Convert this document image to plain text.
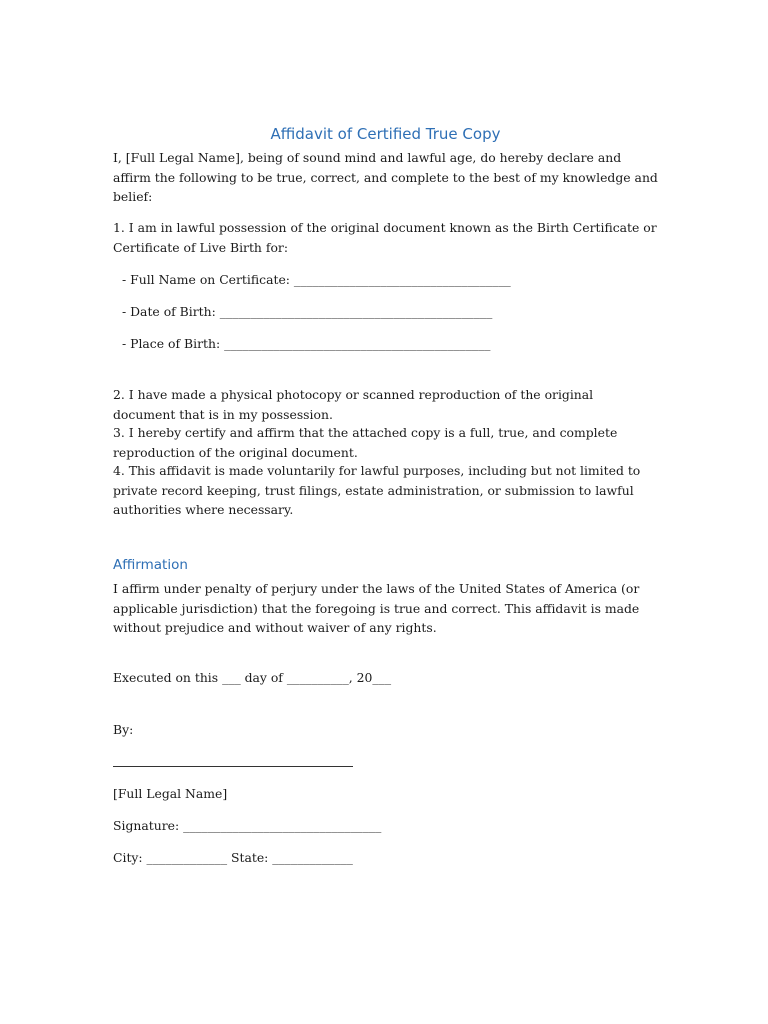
Affidavit of Certified True Copy

I, [Full Legal Name], being of sound mind and lawful age, do hereby declare and affirm the following to be true, correct, and complete to the best of my knowledge and belief:

1. I am in lawful possession of the original document known as the Birth Certificate or Certificate of Live Birth for:

- Full Name on Certificate: ___________________________________

- Date of Birth: ____________________________________________

- Place of Birth: ___________________________________________

2. I have made a physical photocopy or scanned reproduction of the original document that is in my possession.

3. I hereby certify and affirm that the attached copy is a full, true, and complete reproduction of the original document.

4. This affidavit is made voluntarily for lawful purposes, including but not limited to private record keeping, trust filings, estate administration, or submission to lawful authorities where necessary.

Affirmation

I affirm under penalty of perjury under the laws of the United States of America (or applicable jurisdiction) that the foregoing is true and correct. This affidavit is made without prejudice and without waiver of any rights.

Executed on this ___ day of __________, 20___

By:

[Full Legal Name]

Signature: ________________________________

City: _____________ State: _____________
